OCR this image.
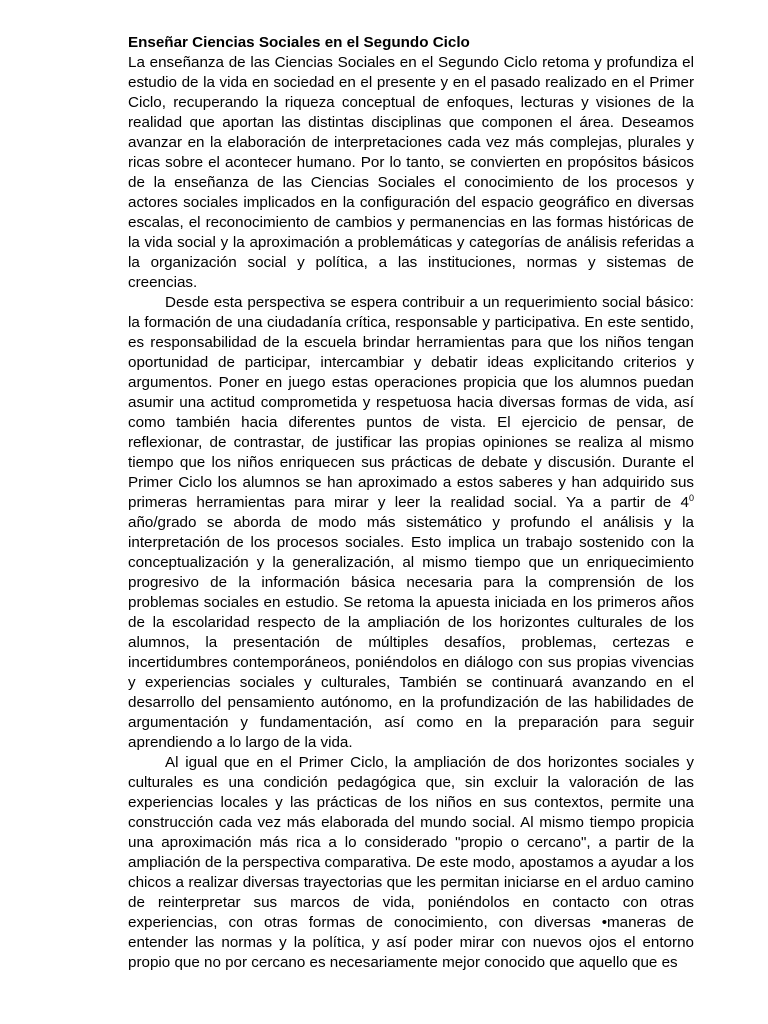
Enseñar Ciencias Sociales en el Segundo Ciclo

La enseñanza de las Ciencias Sociales en el Segundo Ciclo retoma y profundiza el estudio de la vida en sociedad en el presente y en el pasado realizado en el Primer Ciclo, recuperando la riqueza conceptual de enfoques, lecturas y visiones de la realidad que aportan las distintas disciplinas que componen el área. Deseamos avanzar en la elaboración de interpretaciones cada vez más complejas, plurales y ricas sobre el acontecer humano. Por lo tanto, se convierten en propósitos básicos de la enseñanza de las Ciencias Sociales el conocimiento de los procesos y actores sociales implicados en la configuración del espacio geográfico en diversas escalas, el reconocimiento de cambios y permanencias en las formas históricas de la vida social y la aproximación a problemáticas y categorías de análisis referidas a la organización social y política, a las instituciones, normas y sistemas de creencias.

Desde esta perspectiva se espera contribuir a un requerimiento social básico: la formación de una ciudadanía crítica, responsable y participativa. En este sentido, es responsabilidad de la escuela brindar herramientas para que los niños tengan oportunidad de participar, intercambiar y debatir ideas explicitando criterios y argumentos. Poner en juego estas operaciones propicia que los alumnos puedan asumir una actitud comprometida y respetuosa hacia diversas formas de vida, así como también hacia diferentes puntos de vista. El ejercicio de pensar, de reflexionar, de contrastar, de justificar las propias opiniones se realiza al mismo tiempo que los niños enriquecen sus prácticas de debate y discusión. Durante el Primer Ciclo los alumnos se han aproximado a estos saberes y han adquirido sus primeras herramientas para mirar y leer la realidad social. Ya a partir de $4^0$ año/grado se aborda de modo más sistemático y profundo el análisis y la interpretación de los procesos sociales. Esto implica un trabajo sostenido con la conceptualización y la generalización, al mismo tiempo que un enriquecimiento progresivo de la información básica necesaria para la comprensión de los problemas sociales en estudio. Se retoma la apuesta iniciada en los primeros años de la escolaridad respecto de la ampliación de los horizontes culturales de los alumnos, la presentación de múltiples desafíos, problemas, certezas e incertidumbres contemporáneos, poniéndolos en diálogo con sus propias vivencias y experiencias sociales y culturales, También se continuará avanzando en el desarrollo del pensamiento autónomo, en la profundización de las habilidades de argumentación y fundamentación, así como en la preparación para seguir aprendiendo a lo largo de la vida.

Al igual que en el Primer Ciclo, la ampliación de dos horizontes sociales y culturales es una condición pedagógica que, sin excluir la valoración de las experiencias locales y las prácticas de los niños en sus contextos, permite una construcción cada vez más elaborada del mundo social. Al mismo tiempo propicia una aproximación más rica a lo considerado "propio o cercano", a partir de la ampliación de la perspectiva comparativa. De este modo, apostamos a ayudar a los chicos a realizar diversas trayectorias que les permitan iniciarse en el arduo camino de reinterpretar sus marcos de vida, poniéndolos en contacto con otras experiencias, con otras formas de conocimiento, con diversas •maneras de entender las normas y la política, y así poder mirar con nuevos ojos el entorno propio que no por cercano es necesariamente mejor conocido que aquello que es
